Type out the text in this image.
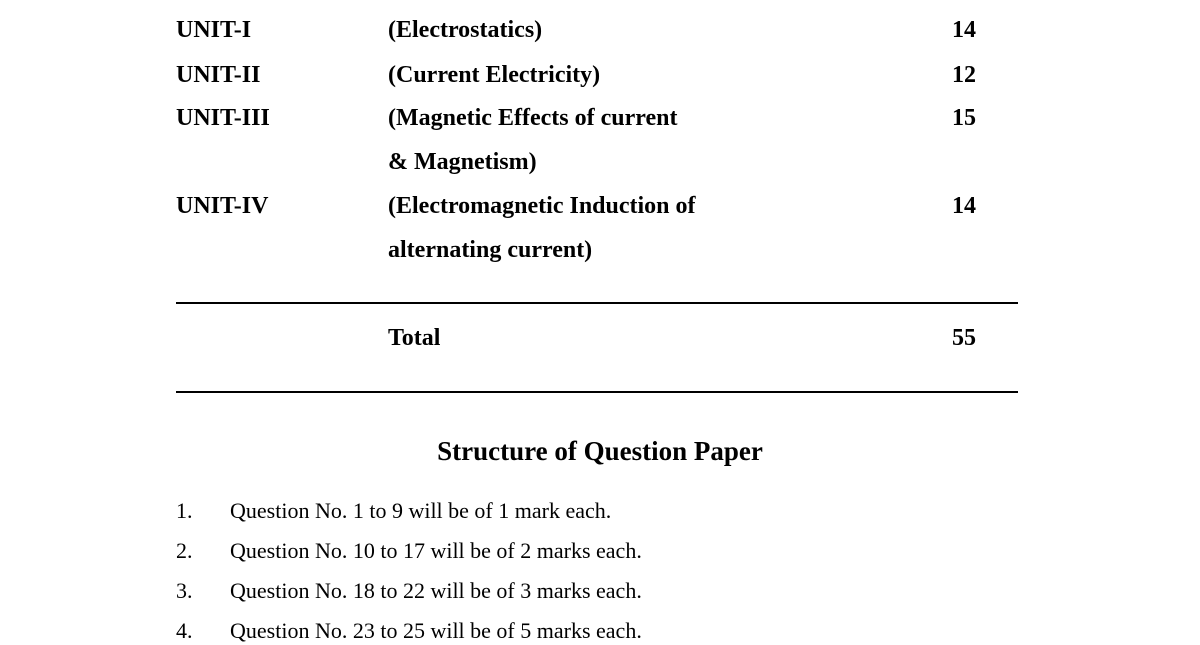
UNIT-I	(Electrostatics)	14
UNIT-II	(Current Electricity)	12
UNIT-III	(Magnetic Effects of current	15
& Magnetism)
UNIT-IV	(Electromagnetic Induction of	14
alternating current)
Total	55
Structure of Question Paper
1. Question No. 1 to 9 will be of 1 mark each.
2. Question No. 10 to 17 will be of 2 marks each.
3. Question No. 18 to 22 will be of 3 marks each.
4. Question No. 23 to 25 will be of 5 marks each.
